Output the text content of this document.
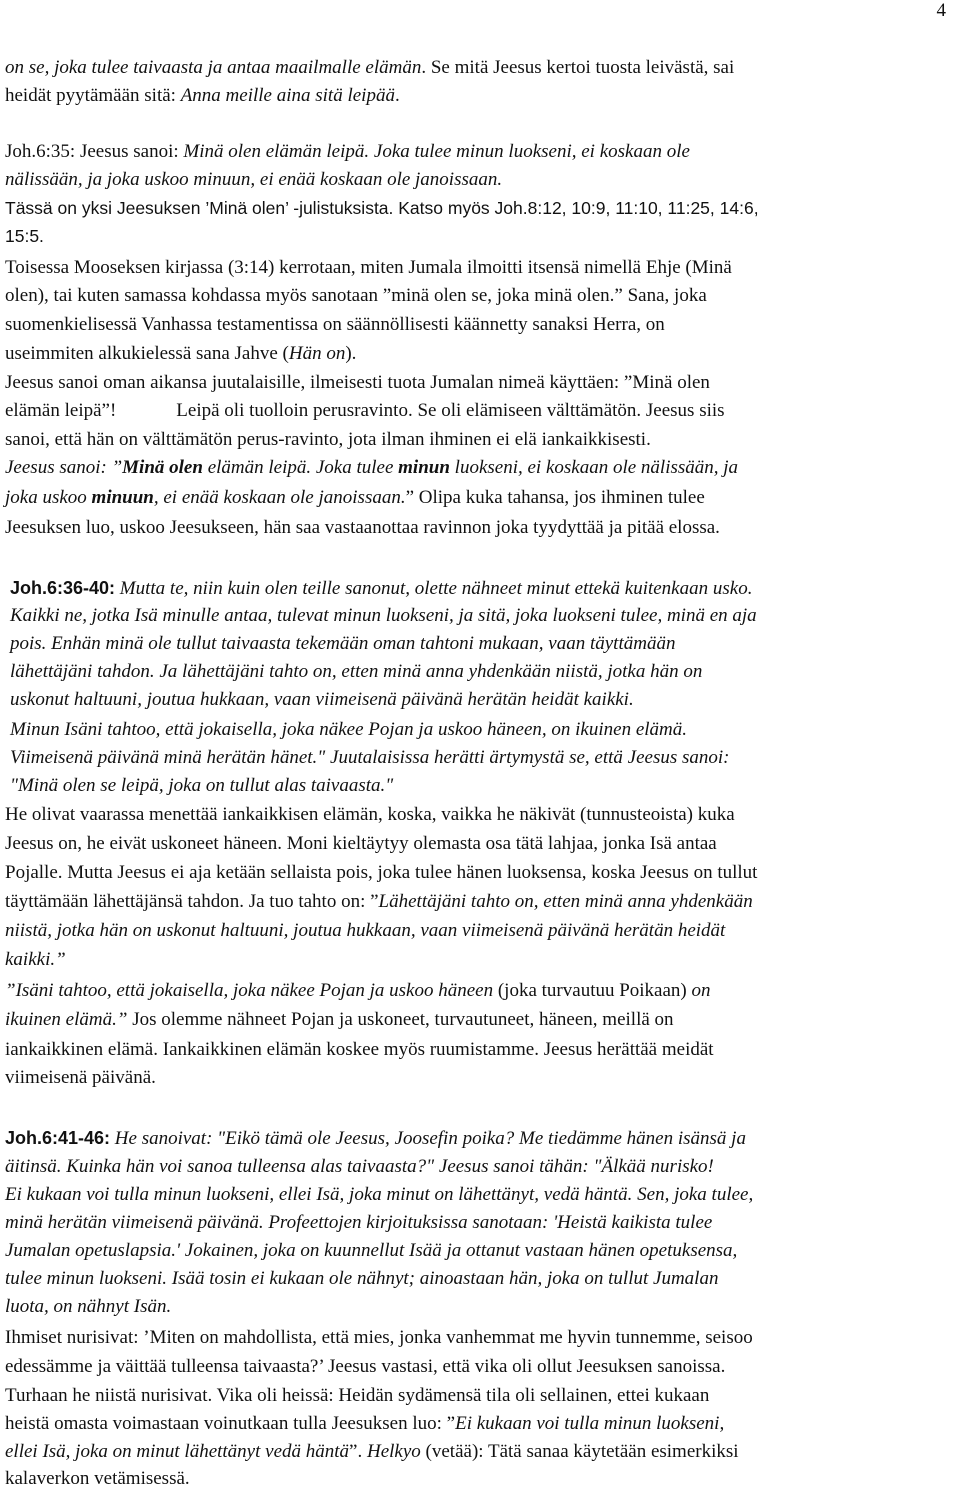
4
on se, joka tulee taivaasta ja antaa maailmalle elämän. Se mitä Jeesus kertoi tuosta leivästä, sai
heidät pyytämään sitä: Anna meille aina sitä leipää.
Joh.6:35: Jeesus sanoi: Minä olen elämän leipä. Joka tulee minun luokseni, ei koskaan ole
nälissään, ja joka uskoo minuun, ei enää koskaan ole janoissaan.
Tässä on yksi Jeesuksen ’Minä olen’ -julistuksista. Katso myös Joh.8:12, 10:9, 11:10, 11:25, 14:6,
15:5.
Toisessa Mooseksen kirjassa (3:14) kerrotaan, miten Jumala ilmoitti itsensä nimellä Ehje (Minä
olen), tai kuten samassa kohdassa myös sanotaan ”minä olen se, joka minä olen.” Sana, joka
suomenkielisessä Vanhassa testamentissa on säännöllisesti käännetty sanaksi Herra, on
useimmiten alkukielessä sana Jahve (Hän on).
Jeesus sanoi oman aikansa juutalaisille, ilmeisesti tuota Jumalan nimeä käyttäen: ”Minä olen
elämän leipä”!	Leipä oli tuolloin perusravinto. Se oli elämiseen välttämätön. Jeesus siis
sanoi, että hän on välttämätön perus-ravinto, jota ilman ihminen ei elä iankaikkisesti.
Jeesus sanoi: ”Minä olen elämän leipä. Joka tulee minun luokseni, ei koskaan ole nälissään, ja
joka uskoo minuun, ei enää koskaan ole janoissaan.” Olipa kuka tahansa, jos ihminen tulee
Jeesuksen luo, uskoo Jeesukseen, hän saa vastaanottaa ravinnon joka tyydyttää ja pitää elossa.
Joh.6:36-40: Mutta te, niin kuin olen teille sanonut, olette nähneet minut ettekä kuitenkaan usko.
Kaikki ne, jotka Isä minulle antaa, tulevat minun luokseni, ja sitä, joka luokseni tulee, minä en aja
pois. Enhän minä ole tullut taivaasta tekemään oman tahtoni mukaan, vaan täyttämään
lähettäjäni tahdon. Ja lähettäjäni tahto on, etten minä anna yhdenkään niistä, jotka hän on
uskonut haltuuni, joutua hukkaan, vaan viimeisenä päivänä herätän heidät kaikki.
Minun Isäni tahtoo, että jokaisella, joka näkee Pojan ja uskoo häneen, on ikuinen elämä.
Viimeisenä päivänä minä herätän hänet." Juutalaisissa herätti ärtymystä se, että Jeesus sanoi:
"Minä olen se leipä, joka on tullut alas taivaasta."
He olivat vaarassa menettää iankaikkisen elämän, koska, vaikka he näkivät (tunnusteoista) kuka
Jeesus on, he eivät uskoneet häneen. Moni kieltäytyy olemasta osa tätä lahjaa, jonka Isä antaa
Pojalle. Mutta Jeesus ei aja ketään sellaista pois, joka tulee hänen luoksensa, koska Jeesus on tullut
täyttämään lähettäjänsä tahdon. Ja tuo tahto on: ”Lähettäjäni tahto on, etten minä anna yhdenkään
niistä, jotka hän on uskonut haltuuni, joutua hukkaan, vaan viimeisenä päivänä herätän heidät
kaikki.”
”Isäni tahtoo, että jokaisella, joka näkee Pojan ja uskoo häneen (joka turvautuu Poikaan) on
ikuinen elämä.” Jos olemme nähneet Pojan ja uskoneet, turvautuneet, häneen, meillä on
iankaikkinen elämä. Iankaikkinen elämän koskee myös ruumistamme. Jeesus herättää meidät
viimeisenä päivänä.
Joh.6:41-46: He sanoivat: "Eikö tämä ole Jeesus, Joosefin poika? Me tiedämme hänen isänsä ja
äitinsä. Kuinka hän voi sanoa tulleensa alas taivaasta?" Jeesus sanoi tähän: "Älkää nurisko!
Ei kukaan voi tulla minun luokseni, ellei Isä, joka minut on lähettänyt, vedä häntä. Sen, joka tulee,
minä herätän viimeisenä päivänä. Profeettojen kirjoituksissa sanotaan: 'Heistä kaikista tulee
Jumalan opetuslapsia.' Jokainen, joka on kuunnellut Isää ja ottanut vastaan hänen opetuksensa,
tulee minun luokseni. Isää tosin ei kukaan ole nähnyt; ainoastaan hän, joka on tullut Jumalan
luota, on nähnyt Isän.
Ihmiset nurisivat: ’Miten on mahdollista, että mies, jonka vanhemmat me hyvin tunnemme, seisoo
edessämme ja väittää tulleensa taivaasta?’ Jeesus vastasi, että vika oli ollut Jeesuksen sanoissa.
Turhaan he niistä nurisivat. Vika oli heissä: Heidän sydämensä tila oli sellainen, ettei kukaan
heistä omasta voimastaan voinutkaan tulla Jeesuksen luo: ”Ei kukaan voi tulla minun luokseni,
ellei Isä, joka on minut lähettänyt vedä häntä”. Helkyo (vetää): Tätä sanaa käytetään esimerkiksi
kalaverkon vetämisessä.
